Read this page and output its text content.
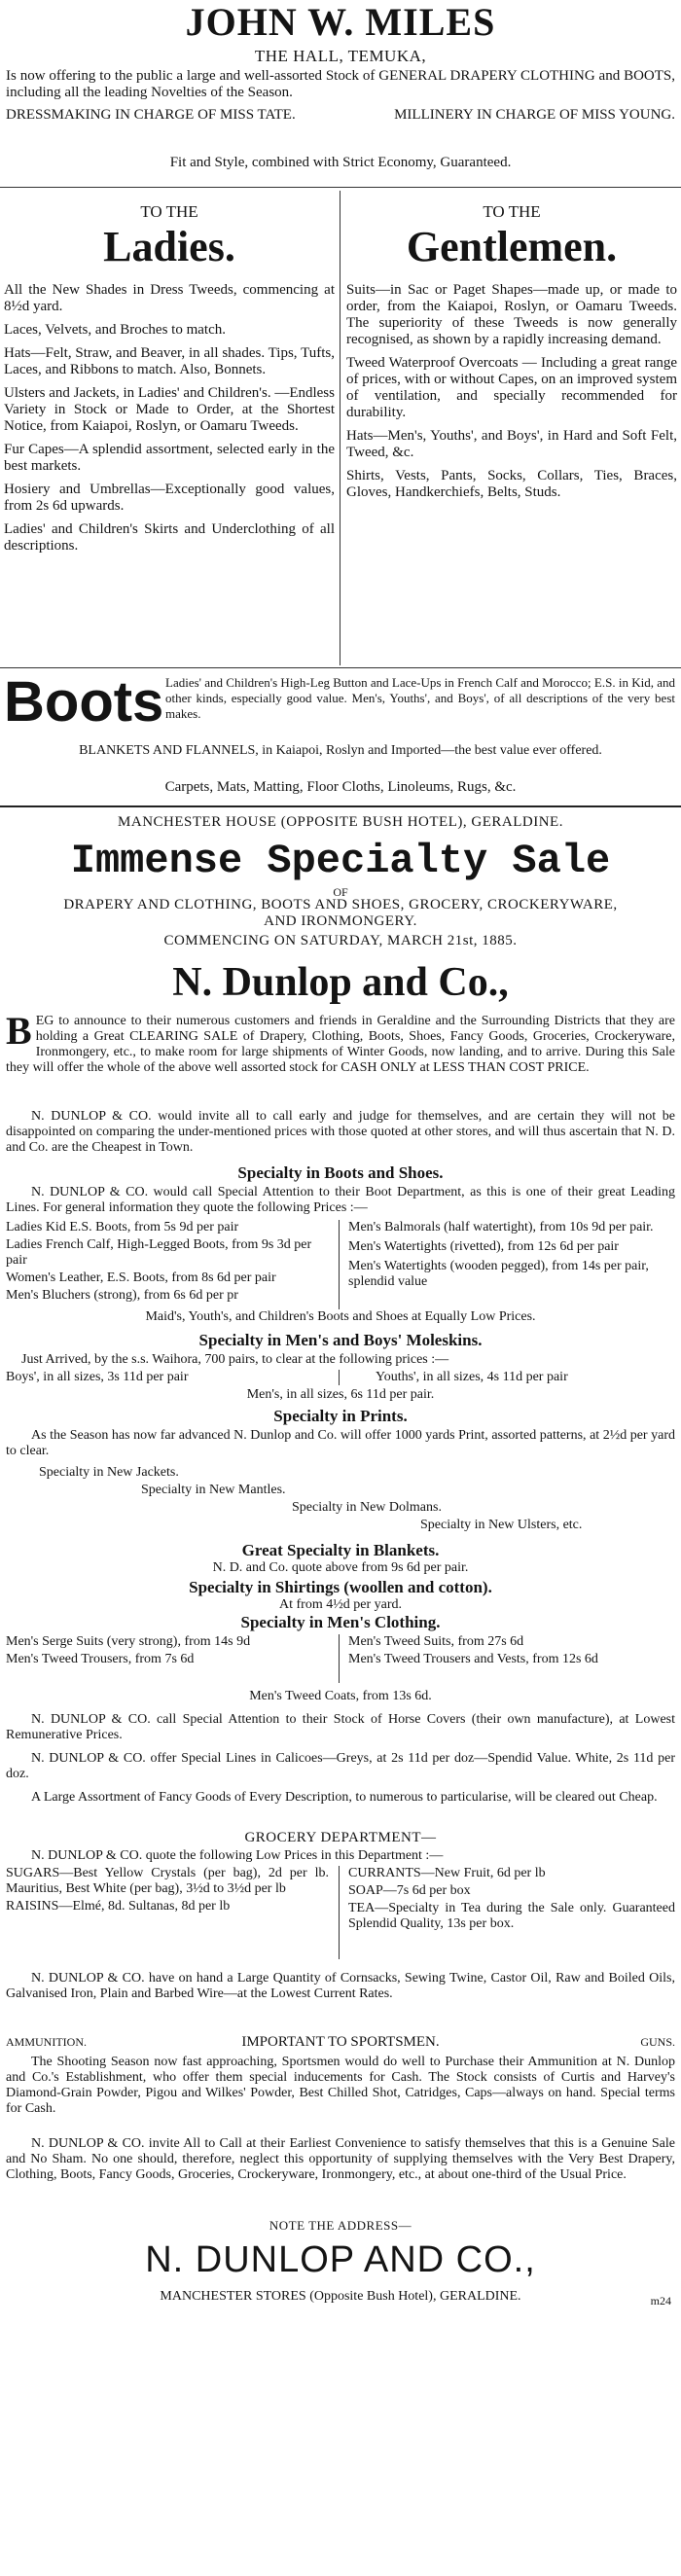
JOHN W. MILES
THE HALL, TEMUKA,
Is now offering to the public a large and well-assorted Stock of GENERAL DRAPERY CLOTHING and BOOTS, including all the leading Novelties of the Season.
DRESSMAKING IN CHARGE OF MISS TATE.	MILLINERY IN CHARGE OF MISS YOUNG.
Fit and Style, combined with Strict Economy, Guaranteed.
TO THE
Ladies.

All the New Shades in Dress Tweeds, commencing at 8½d yard.

Laces, Velvets, and Broches to match.

Hats—Felt, Straw, and Beaver, in all shades. Tips, Tufts, Laces, and Ribbons to match. Also, Bonnets.

Ulsters and Jackets, in Ladies' and Children's. —Endless Variety in Stock or Made to Order, at the Shortest Notice, from Kaiapoi, Roslyn, or Oamaru Tweeds.

Fur Capes—A splendid assortment, selected early in the best markets.

Hosiery and Umbrellas—Exceptionally good values, from 2s 6d upwards.

Ladies' and Children's Skirts and Underclothing of all descriptions.

TO THE
Gentlemen.

Suits—in Sac or Paget Shapes—made up, or made to order, from the Kaiapoi, Roslyn, or Oamaru Tweeds. The superiority of these Tweeds is now generally recognised, as shown by a rapidly increasing demand.

Tweed Waterproof Overcoats — Including a great range of prices, with or without Capes, on an improved system of ventilation, and specially recommended for durability.

Hats—Men's, Youths', and Boys', in Hard and Soft Felt, Tweed, &c.

Shirts, Vests, Pants, Socks, Collars, Ties, Braces, Gloves, Handkerchiefs, Belts, Studs.

Boots Ladies' and Children's High-Leg Button and Lace-Ups in French Calf and Morocco; E.S. in Kid, and other kinds, especially good value. Men's, Youths', and Boys', of all descriptions of the very best makes.
BLANKETS AND FLANNELS, in Kaiapoi, Roslyn and Imported—the best value ever offered.
Carpets, Mats, Matting, Floor Cloths, Linoleums, Rugs, &c.
MANCHESTER HOUSE (OPPOSITE BUSH HOTEL), GERALDINE.
Immense Specialty Sale
OF
DRAPERY AND CLOTHING, BOOTS AND SHOES, GROCERY, CROCKERYWARE, AND IRONMONGERY.
COMMENCING ON SATURDAY, MARCH 21st, 1885.
N. Dunlop and Co.,
BEG to announce to their numerous customers and friends in Geraldine and the Surrounding Districts that they are holding a Great CLEARING SALE of Drapery, Clothing, Boots, Shoes, Fancy Goods, Groceries, Crockeryware, Ironmongery, etc., to make room for large shipments of Winter Goods, now landing, and to arrive. During this Sale they will offer the whole of the above well assorted stock for CASH ONLY at LESS THAN COST PRICE.
N. DUNLOP & CO. would invite all to call early and judge for themselves, and are certain they will not be disappointed on comparing the under-mentioned prices with those quoted at other stores, and will thus ascertain that N. D. and Co. are the Cheapest in Town.
Specialty in Boots and Shoes.
N. DUNLOP & CO. would call Special Attention to their Boot Department, as this is one of their great Leading Lines. For general information they quote the following Prices :—
Ladies Kid E.S. Boots, from 5s 9d per pair
Ladies French Calf, High-Legged Boots, from 9s 3d per pair
Women's Leather, E.S. Boots, from 8s 6d per pair
Men's Bluchers (strong), from 6s 6d per pr
Men's Balmorals (half watertight), from 10s 9d per pair.
Men's Watertights (rivetted), from 12s 6d per pair
Men's Watertights (wooden pegged), from 14s per pair, splendid value
Maid's, Youth's, and Children's Boots and Shoes at Equally Low Prices.
Specialty in Men's and Boys' Moleskins.
Just Arrived, by the s.s. Waihora, 700 pairs, to clear at the following prices :—
Boys', in all sizes, 3s 11d per pair	Youths', in all sizes, 4s 11d per pair
Men's, in all sizes, 6s 11d per pair.
Specialty in Prints.
As the Season has now far advanced N. Dunlop and Co. will offer 1000 yards Print, assorted patterns, at 2½d per yard to clear.
Specialty in New Jackets.
Specialty in New Mantles.
Specialty in New Dolmans.
Specialty in New Ulsters, etc.
Great Specialty in Blankets.
N. D. and Co. quote above from 9s 6d per pair.
Specialty in Shirtings (woollen and cotton).
At from 4½d per yard.
Specialty in Men's Clothing.
Men's Serge Suits (very strong), from 14s 9d
Men's Tweed Trousers, from 7s 6d
Men's Tweed Suits, from 27s 6d
Men's Tweed Trousers and Vests, from 12s 6d
Men's Tweed Coats, from 13s 6d.
N. DUNLOP & CO. call Special Attention to their Stock of Horse Covers (their own manufacture), at Lowest Remunerative Prices.
N. DUNLOP & CO. offer Special Lines in Calicoes—Greys, at 2s 11d per doz—Spendid Value. White, 2s 11d per doz.
A Large Assortment of Fancy Goods of Every Description, to numerous to particularise, will be cleared out Cheap.
GROCERY DEPARTMENT—
N. DUNLOP & CO. quote the following Low Prices in this Department :—
SUGARS—Best Yellow Crystals (per bag), 2d per lb. Mauritius, Best White (per bag), 3½d to 3½d per lb
RAISINS—Elmé, 8d. Sultanas, 8d per lb
CURRANTS—New Fruit, 6d per lb
SOAP—7s 6d per box
TEA—Specialty in Tea during the Sale only. Guaranteed Splendid Quality, 13s per box.
N. DUNLOP & CO. have on hand a Large Quantity of Cornsacks, Sewing Twine, Castor Oil, Raw and Boiled Oils, Galvanised Iron, Plain and Barbed Wire—at the Lowest Current Rates.
AMMUNITION.	IMPORTANT TO SPORTSMEN.	GUNS.
The Shooting Season now fast approaching, Sportsmen would do well to Purchase their Ammunition at N. Dunlop and Co.'s Establishment, who offer them special inducements for Cash. The Stock consists of Curtis and Harvey's Diamond-Grain Powder, Pigou and Wilkes' Powder, Best Chilled Shot, Catridges, Caps—always on hand. Special terms for Cash.
N. DUNLOP & CO. invite All to Call at their Earliest Convenience to satisfy themselves that this is a Genuine Sale and No Sham. No one should, therefore, neglect this opportunity of supplying themselves with the Very Best Drapery, Clothing, Boots, Fancy Goods, Groceries, Crockeryware, Ironmongery, etc., at about one-third of the Usual Price.
NOTE THE ADDRESS—
N. DUNLOP AND CO.,
MANCHESTER STORES (Opposite Bush Hotel), GERALDINE.	m24
